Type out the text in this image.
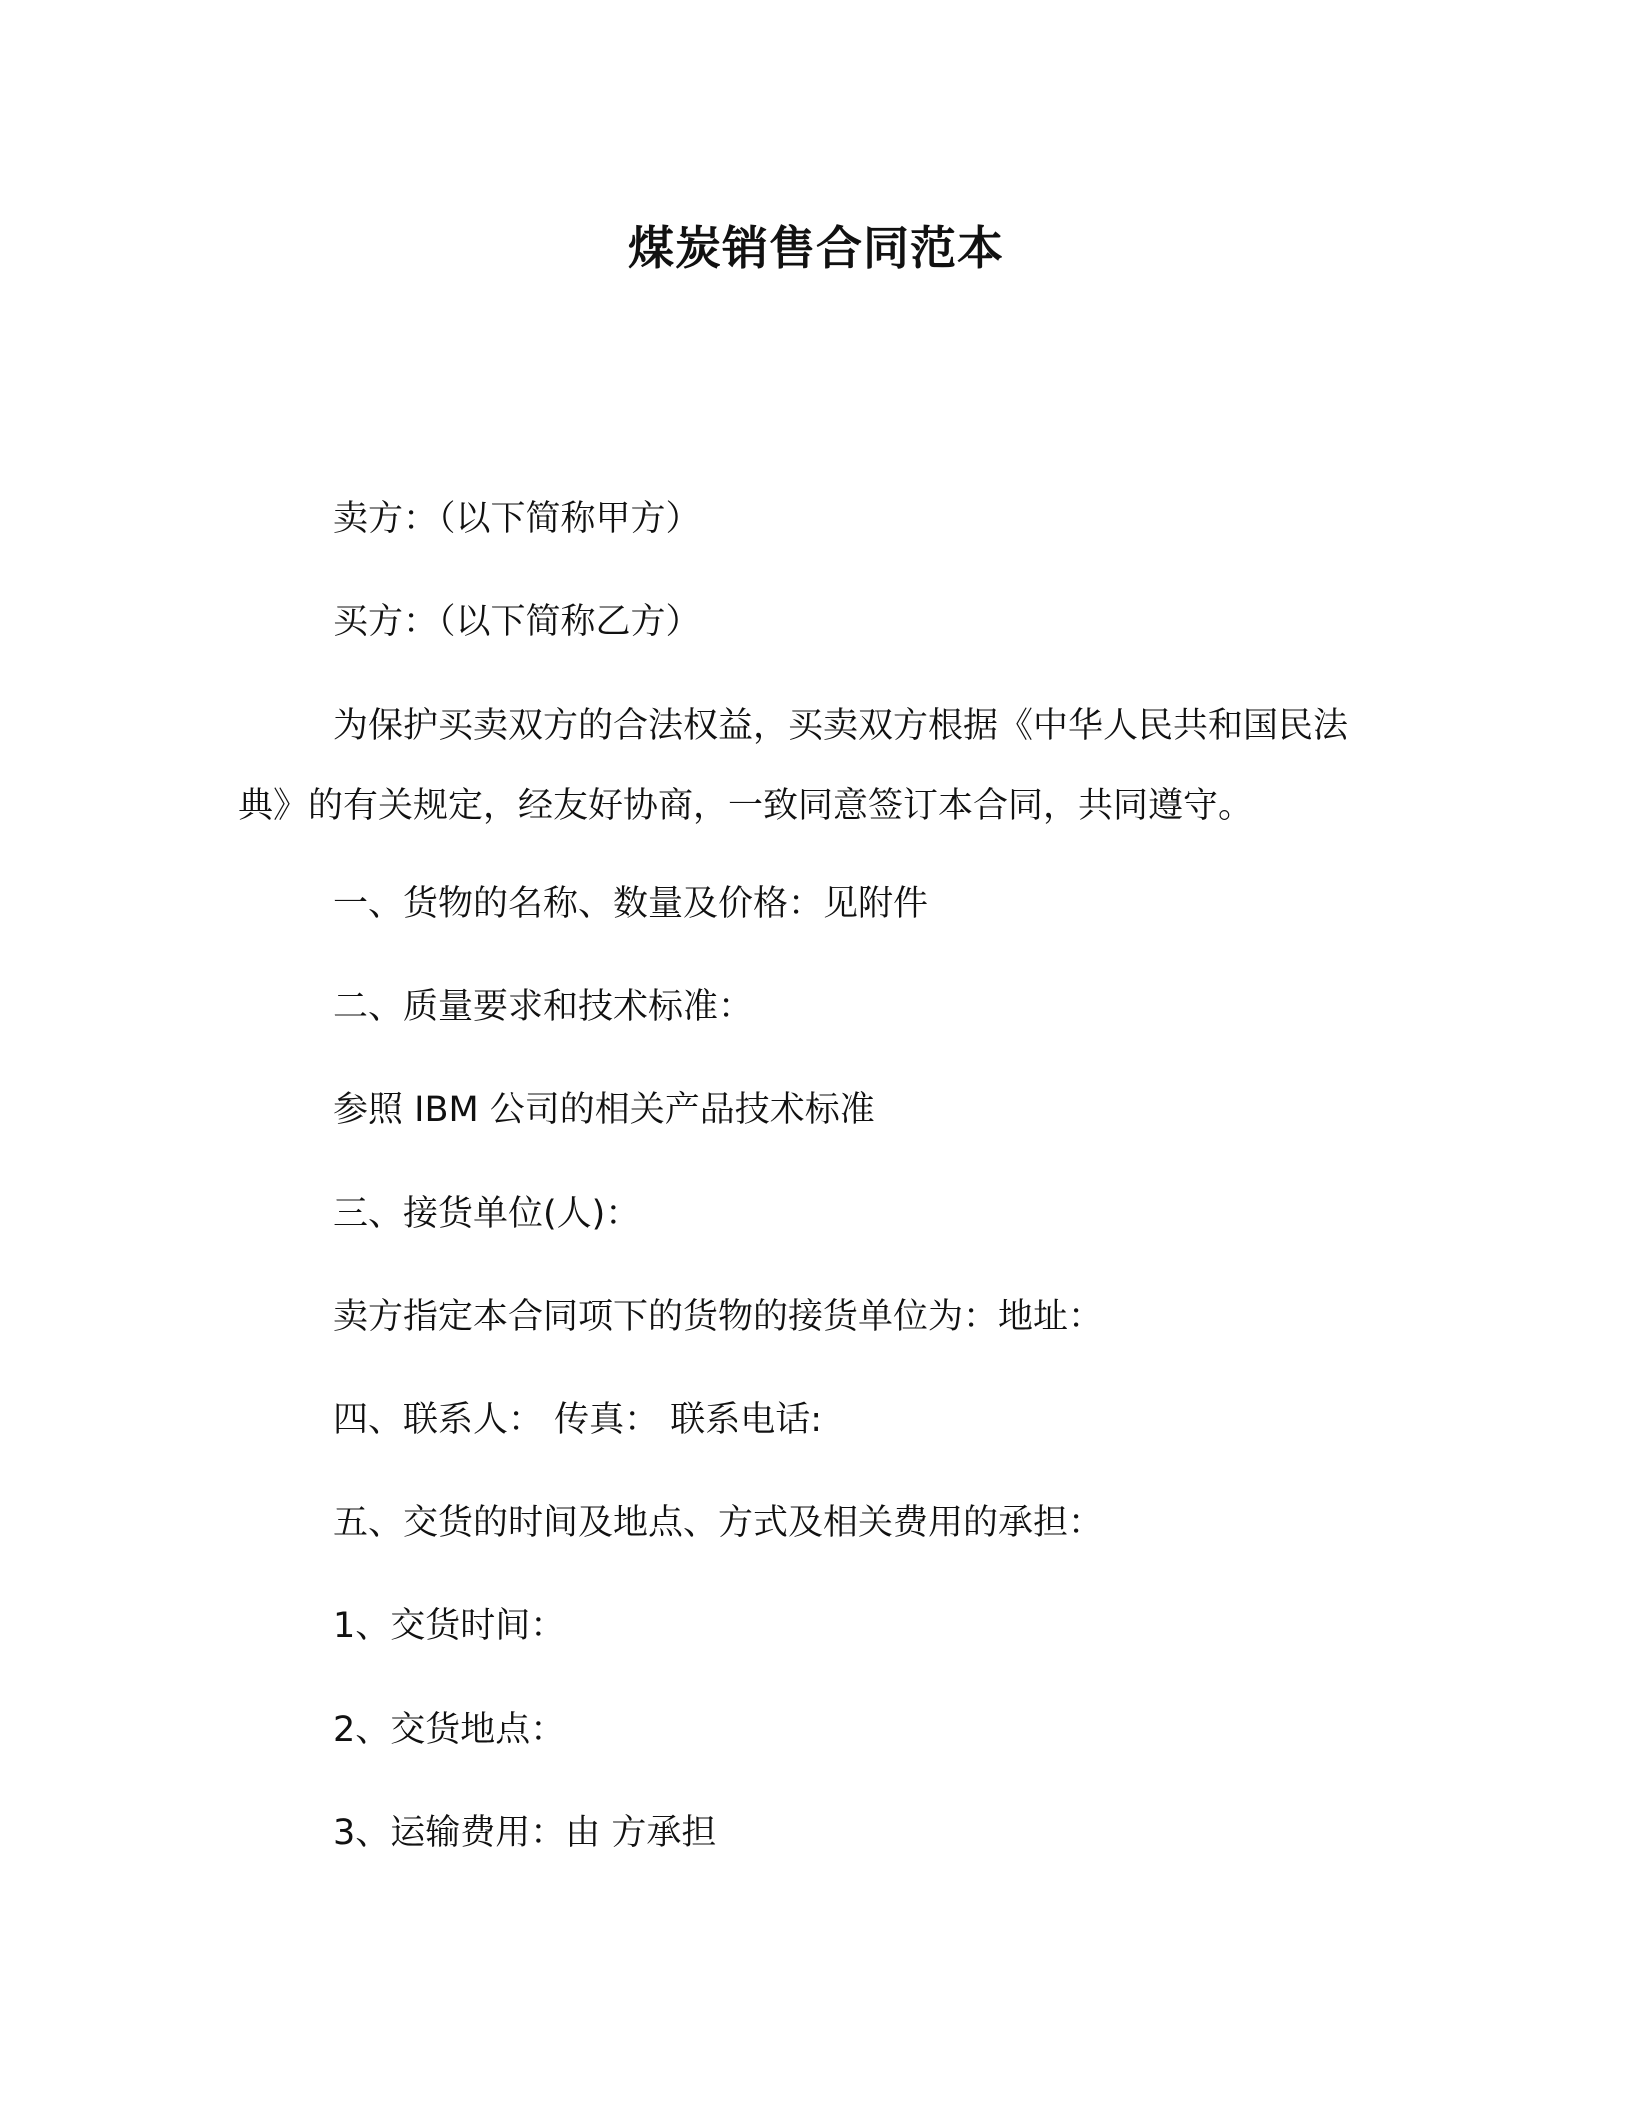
煤炭销售合同范本
卖方：（以下简称甲方）
买方：（以下简称乙方）

为保护买卖双方的合法权益，买卖双方根据《中华人民共和国民法典》的有关规定，经友好协商，一致同意签订本合同，共同遵守。

一、货物的名称、数量及价格：见附件
二、质量要求和技术标准：
参照 IBM 公司的相关产品技术标准
三、接货单位(人)：
卖方指定本合同项下的货物的接货单位为：地址：
四、联系人： 传真： 联系电话:
五、交货的时间及地点、方式及相关费用的承担：
1、交货时间：
2、交货地点：
3、运输费用：由 方承担
